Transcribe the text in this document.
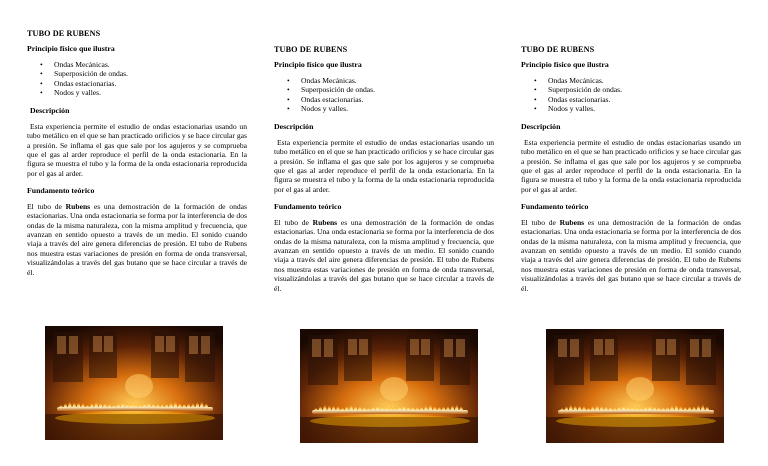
TUBO DE RUBENS
Principio físico que ilustra
• Ondas Mecánicas.
• Superposición de ondas.
• Ondas estacionarias.
• Nodos y valles.
Descripción

Esta experiencia permite el estudio de ondas estacionarias usando un tubo metálico en el que se han practicado orificios y se hace circular gas a presión. Se inflama el gas que sale por los agujeros y se comprueba que el gas al arder reproduce el perfil de la onda estacionaria. En la figura se muestra el tubo y la forma de la onda estacionaria reproducida por el gas al arder.

Fundamento teórico

El tubo de Rubens es una demostración de la formación de ondas estacionarias. Una onda estacionaria se forma por la interferencia de dos ondas de la misma naturaleza, con la misma amplitud y frecuencia, que avanzan en sentido opuesto a través de un medio. El sonido cuando viaja a través del aire genera diferencias de presión. El tubo de Rubens nos muestra estas variaciones de presión en forma de onda transversal, visualizándolas a través del gas butano que se hace circular a través de él.

TUBO DE RUBENS
Principio físico que ilustra
• Ondas Mecánicas.
• Superposición de ondas.
• Ondas estacionarias.
• Nodos y valles.
Descripción

Esta experiencia permite el estudio de ondas estacionarias usando un tubo metálico en el que se han practicado orificios y se hace circular gas a presión. Se inflama el gas que sale por los agujeros y se comprueba que el gas al arder reproduce el perfil de la onda estacionaria. En la figura se muestra el tubo y la forma de la onda estacionaria reproducida por el gas al arder.

Fundamento teórico

El tubo de Rubens es una demostración de la formación de ondas estacionarias. Una onda estacionaria se forma por la interferencia de dos ondas de la misma naturaleza, con la misma amplitud y frecuencia, que avanzan en sentido opuesto a través de un medio. El sonido cuando viaja a través del aire genera diferencias de presión. El tubo de Rubens nos muestra estas variaciones de presión en forma de onda transversal, visualizándolas a través del gas butano que se hace circular a través de él.

TUBO DE RUBENS
Principio físico que ilustra
• Ondas Mecánicas.
• Superposición de ondas.
• Ondas estacionarias.
• Nodos y valles.
Descripción

Esta experiencia permite el estudio de ondas estacionarias usando un tubo metálico en el que se han practicado orificios y se hace circular gas a presión. Se inflama el gas que sale por los agujeros y se comprueba que el gas al arder reproduce el perfil de la onda estacionaria. En la figura se muestra el tubo y la forma de la onda estacionaria reproducida por el gas al arder.

Fundamento teórico

El tubo de Rubens es una demostración de la formación de ondas estacionarias. Una onda estacionaria se forma por la interferencia de dos ondas de la misma naturaleza, con la misma amplitud y frecuencia, que avanzan en sentido opuesto a través de un medio. El sonido cuando viaja a través del aire genera diferencias de presión. El tubo de Rubens nos muestra estas variaciones de presión en forma de onda transversal, visualizándolas a través del gas butano que se hace circular a través de él.
